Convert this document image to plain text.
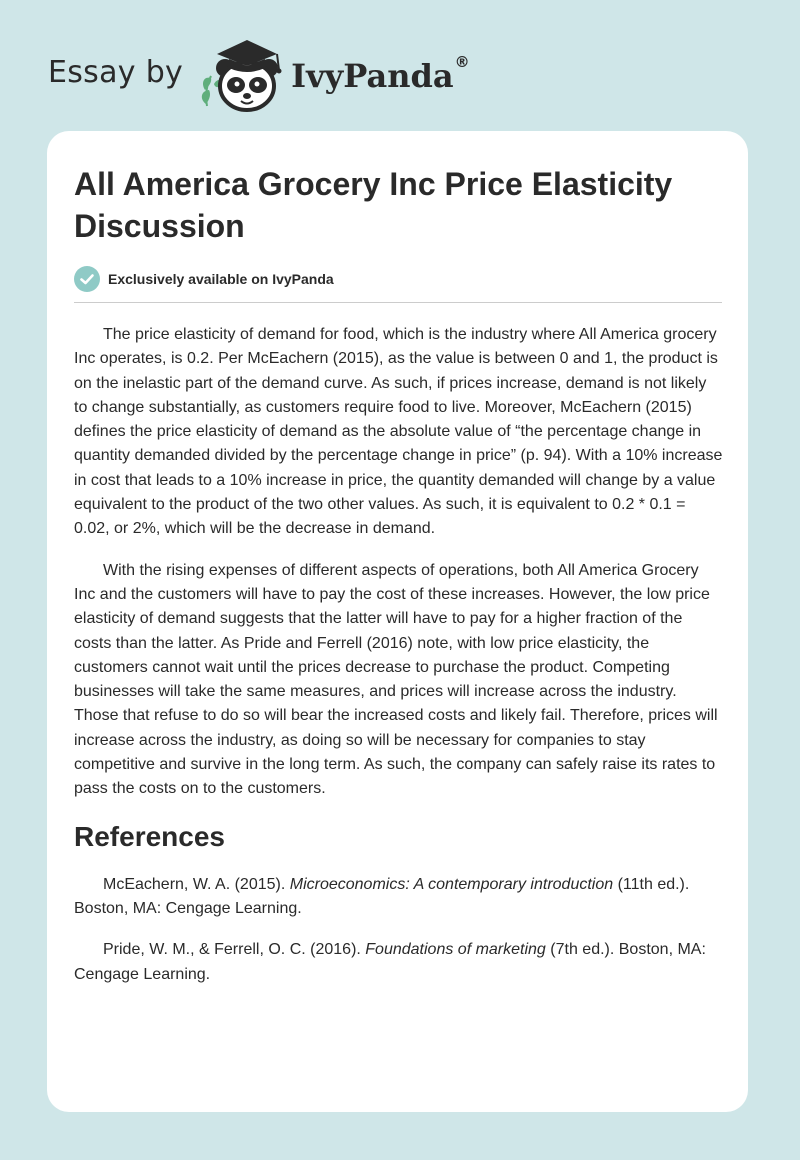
Essay by	IvyPanda ®
All America Grocery Inc Price Elasticity Discussion
Exclusively available on IvyPanda

The price elasticity of demand for food, which is the industry where All America grocery Inc operates, is 0.2. Per McEachern (2015), as the value is between 0 and 1, the product is on the inelastic part of the demand curve. As such, if prices increase, demand is not likely to change substantially, as customers require food to live. Moreover, McEachern (2015) defines the price elasticity of demand as the absolute value of “the percentage change in quantity demanded divided by the percentage change in price” (p. 94). With a 10% increase in cost that leads to a 10% increase in price, the quantity demanded will change by a value equivalent to the product of the two other values. As such, it is equivalent to 0.2 * 0.1 = 0.02, or 2%, which will be the decrease in demand.

With the rising expenses of different aspects of operations, both All America Grocery Inc and the customers will have to pay the cost of these increases. However, the low price elasticity of demand suggests that the latter will have to pay for a higher fraction of the costs than the latter. As Pride and Ferrell (2016) note, with low price elasticity, the customers cannot wait until the prices decrease to purchase the product. Competing businesses will take the same measures, and prices will increase across the industry. Those that refuse to do so will bear the increased costs and likely fail. Therefore, prices will increase across the industry, as doing so will be necessary for companies to stay competitive and survive in the long term. As such, the company can safely raise its rates to pass the costs on to the customers.

References

McEachern, W. A. (2015). Microeconomics: A contemporary introduction (11th ed.). Boston, MA: Cengage Learning.

Pride, W. M., & Ferrell, O. C. (2016). Foundations of marketing (7th ed.). Boston, MA: Cengage Learning.
